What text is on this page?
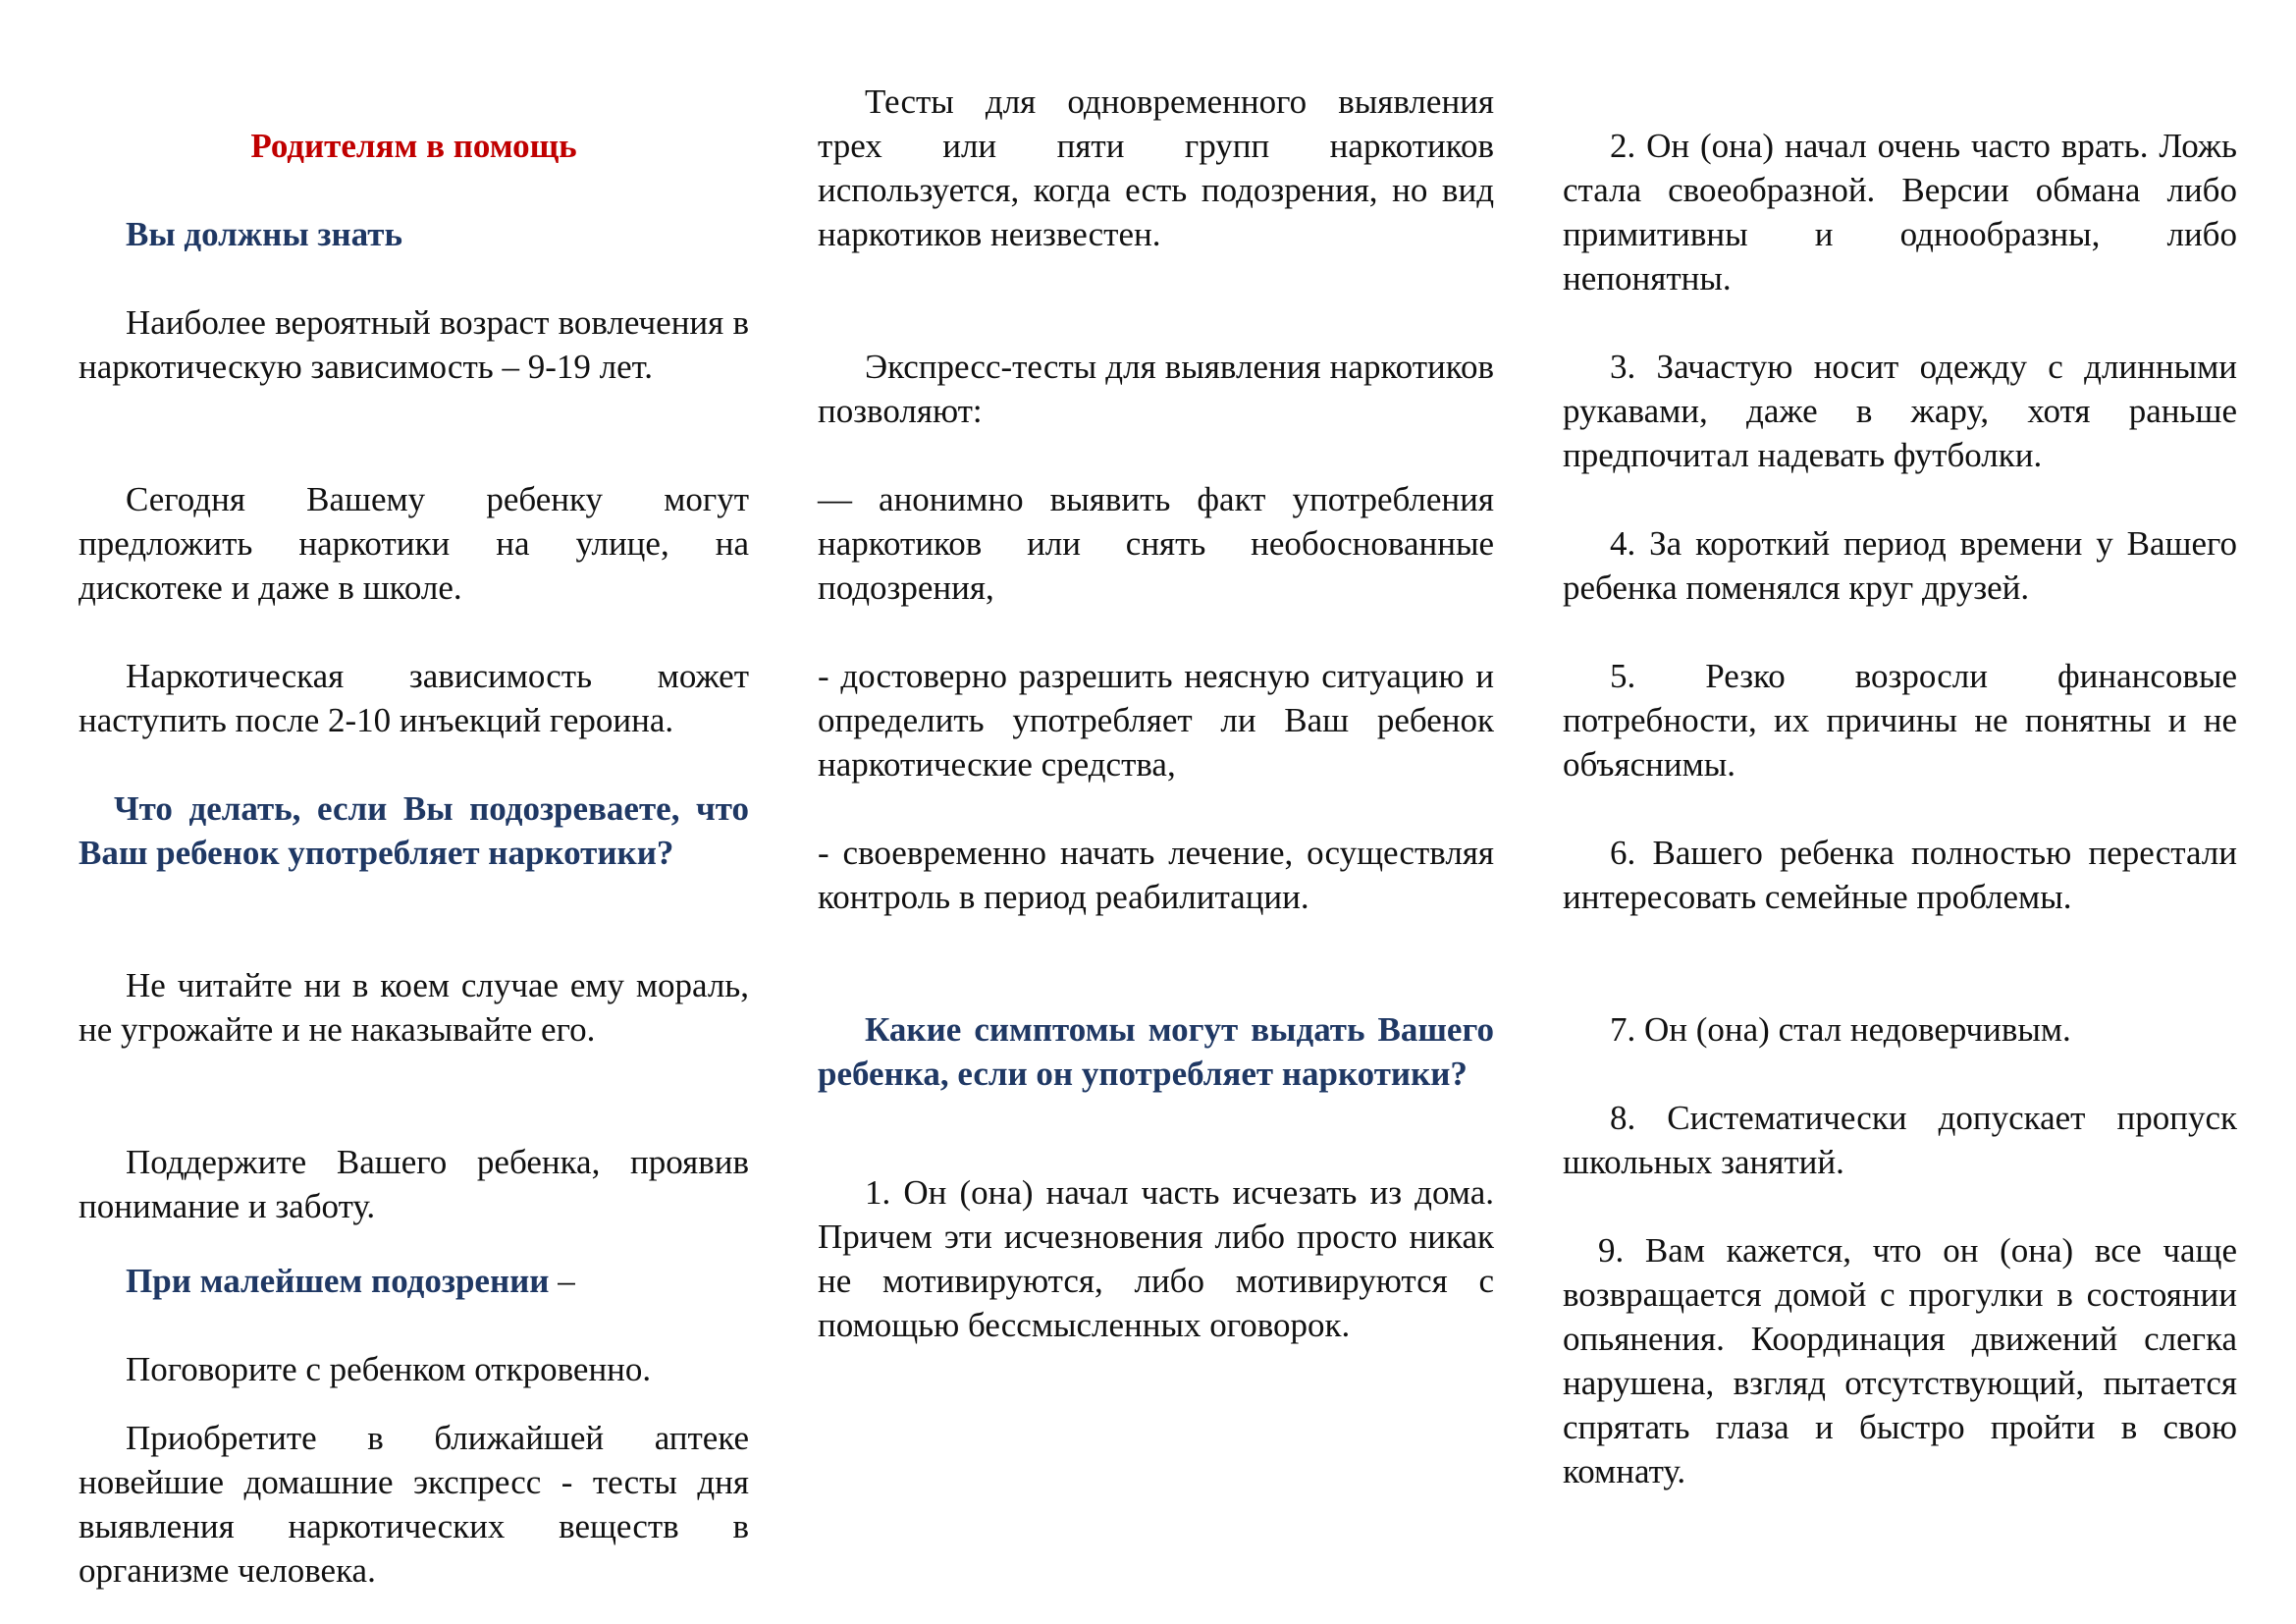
Родителям в помощь
Вы должны знать

Наиболее вероятный возраст вовлечения в наркотическую зависимость – 9-19 лет.

Сегодня Вашему ребенку могут предложить наркотики на улице, на дискотеке и даже в школе.

Наркотическая зависимость может наступить после 2-10 инъекций героина.

Что делать, если Вы подозреваете, что Ваш ребенок употребляет наркотики?

Не читайте ни в коем случае ему мораль, не угрожайте и не наказывайте его.

Поддержите Вашего ребенка, проявив понимание и заботу.

При малейшем подозрении –

Поговорите с ребенком откровенно.

Приобретите в ближайшей аптеке новейшие домашние экспресс - тесты дня выявления наркотических веществ в организме человека.

Тесты для одновременного выявления трех или пяти групп наркотиков используется, когда есть подозрения, но вид наркотиков неизвестен.

Экспресс-тесты для выявления наркотиков позволяют:

— анонимно выявить факт употребления наркотиков или снять необоснованные подозрения,

- достоверно разрешить неясную ситуацию и определить употребляет ли Ваш ребенок наркотические средства,

- своевременно начать лечение, осуществляя контроль в период реабилитации.

Какие симптомы могут выдать Вашего ребенка, если он употребляет наркотики?

1. Он (она) начал часть исчезать из дома. Причем эти исчезновения либо просто никак не мотивируются, либо мотивируются с помощью бессмысленных оговорок.

2. Он (она) начал очень часто врать. Ложь стала своеобразной. Версии обмана либо примитивны и однообразны, либо непонятны.

3. Зачастую носит одежду с длинными рукавами, даже в жару, хотя раньше предпочитал надевать футболки.

4. За короткий период времени у Вашего ребенка поменялся круг друзей.

5. Резко возросли финансовые потребности, их причины не понятны и не объяснимы.

6. Вашего ребенка полностью перестали интересовать семейные проблемы.

7. Он (она) стал недоверчивым.

8. Систематически допускает пропуск школьных занятий.

9. Вам кажется, что он (она) все чаще возвращается домой с прогулки в состоянии опьянения. Координация движений слегка нарушена, взгляд отсутствующий, пытается спрятать глаза и быстро пройти в свою комнату.
